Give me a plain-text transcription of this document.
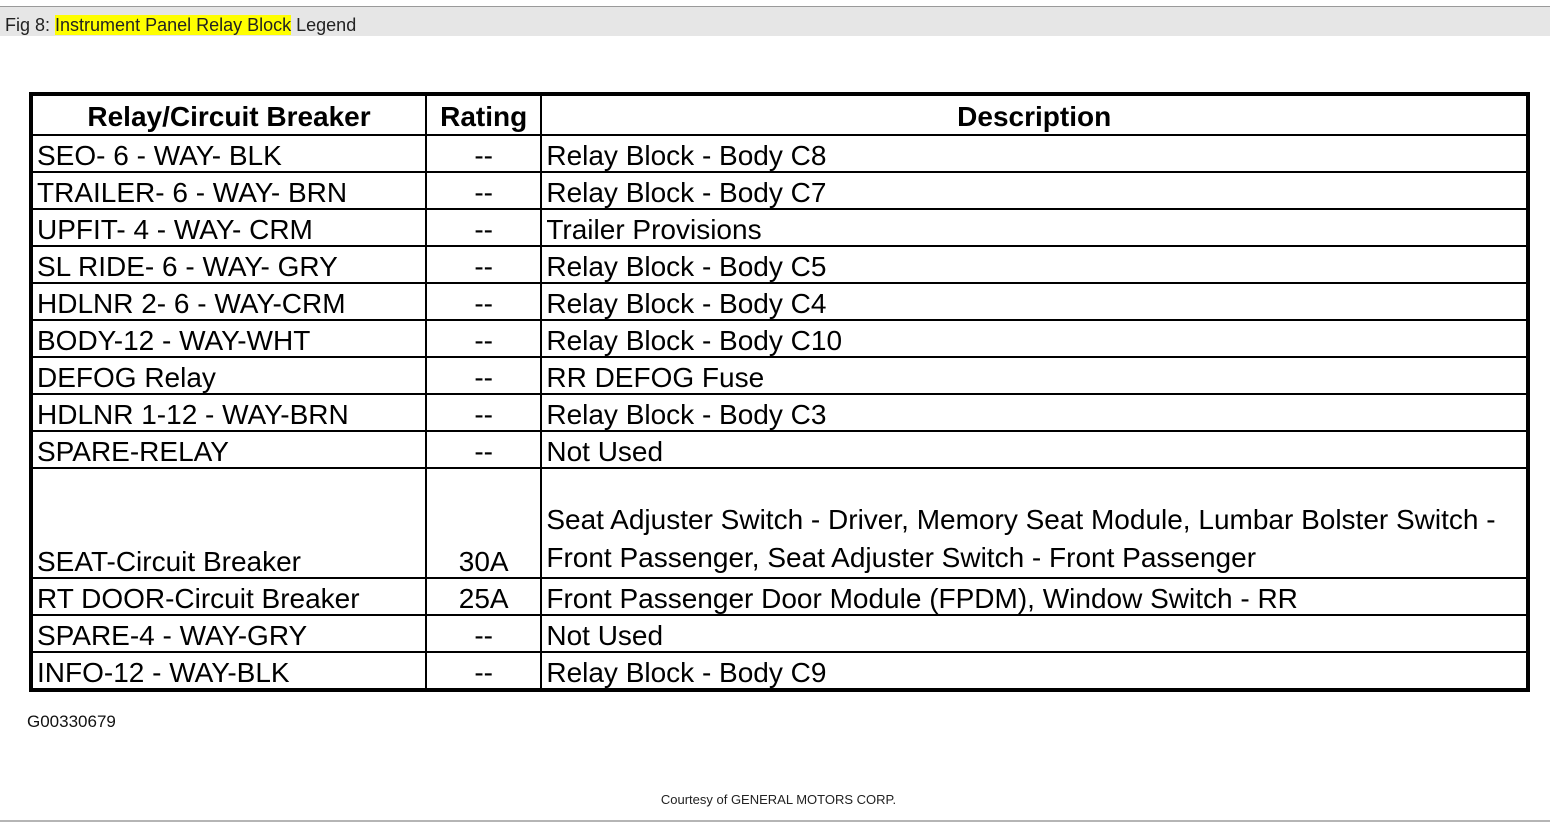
Fig 8: Instrument Panel Relay Block Legend
Relay/Circuit Breaker	Rating	Description
SEO- 6 - WAY- BLK	--	Relay Block - Body C8
TRAILER- 6 - WAY- BRN	--	Relay Block - Body C7
UPFIT- 4 - WAY- CRM	--	Trailer Provisions
SL RIDE- 6 - WAY- GRY	--	Relay Block - Body C5
HDLNR 2- 6 - WAY-CRM	--	Relay Block - Body C4
BODY-12 - WAY-WHT	--	Relay Block - Body C10
DEFOG Relay	--	RR DEFOG Fuse
HDLNR 1-12 - WAY-BRN	--	Relay Block - Body C3
SPARE-RELAY	--	Not Used
SEAT-Circuit Breaker	30A	Seat Adjuster Switch - Driver, Memory Seat Module, Lumbar Bolster Switch - Front Passenger, Seat Adjuster Switch - Front Passenger
RT DOOR-Circuit Breaker	25A	Front Passenger Door Module (FPDM), Window Switch - RR
SPARE-4 - WAY-GRY	--	Not Used
INFO-12 - WAY-BLK	--	Relay Block - Body C9
G00330679
Courtesy of GENERAL MOTORS CORP.
